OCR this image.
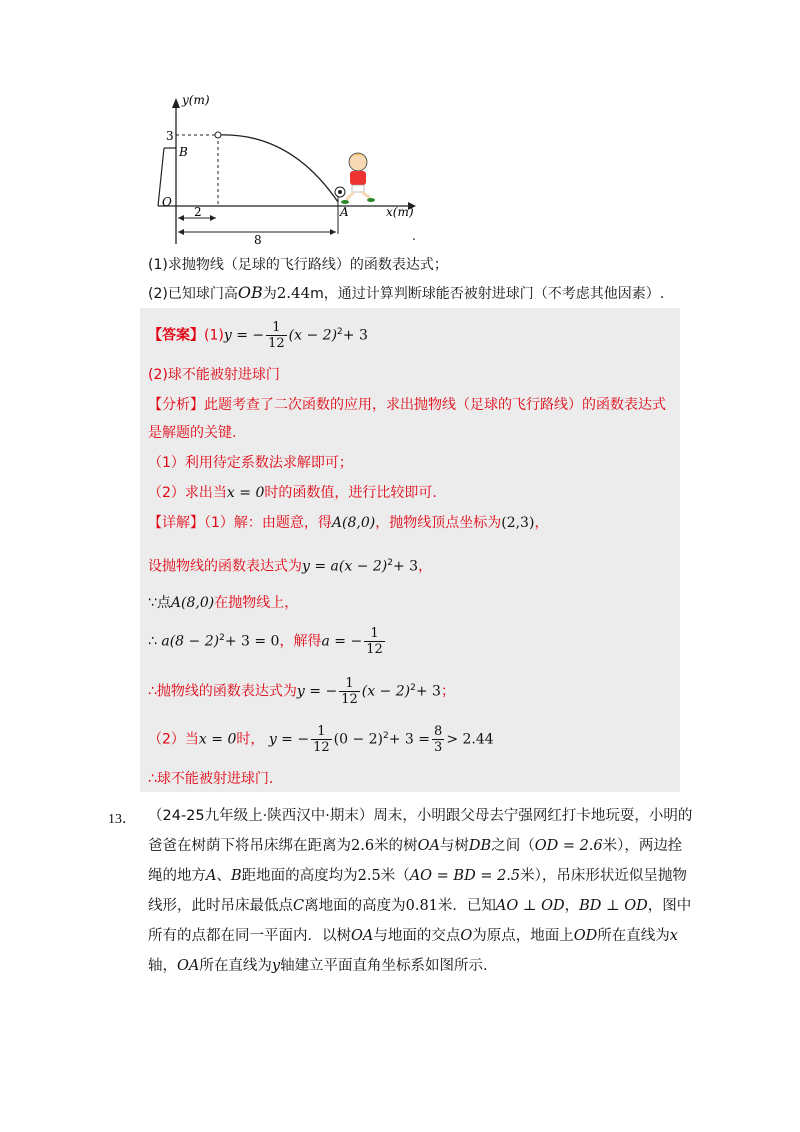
y(m)
x(m)
3
B
O
A
2
8	.
(1)求抛物线（足球的飞行路线）的函数表达式；
(2)已知球门高OB为2.44m，通过计算判断球能否被射进球门（不考虑其他因素）.
【答案】(1)y = − $\frac{1}{12} (x - 2)^2+ 3$
(2)球不能被射进球门
【分析】此题考查了二次函数的应用，求出抛物线（足球的飞行路线）的函数表达式
是解题的关键.
（1）利用待定系数法求解即可；
（2）求出当x = 0时的函数值，进行比较即可.
【详解】（1）解：由题意，得A(8,0)，抛物线顶点坐标为(2,3)，
设抛物线的函数表达式为$y = a(x - 2)^2+ 3$，
∵点A(8,0)在抛物线上，
∴ $a(8 - 2)^2+ 3 = 0$，解得a = − $\frac{1}{12}$
∴抛物线的函数表达式为y = − $\frac{1}{12} (x - 2)^2+ 3$；
（2）当x = 0时， y = − $\frac{1}{12} (0 - 2)^2+ 3 = \frac{8}{3} > 2.44$
∴球不能被射进球门.
13． （24-25九年级上·陕西汉中·期末）周末，小明跟父母去宁强网红打卡地玩耍，小明的
爸爸在树荫下将吊床绑在距离为2.6米的树OA与树DB之间（OD = 2.6米），两边拴
绳的地方A、B距地面的高度均为2.5米（AO = BD = 2.5米），吊床形状近似呈抛物
线形，此时吊床最低点C离地面的高度为0.81米．已知AO ⊥ OD，BD ⊥ OD，图中
所有的点都在同一平面内．以树OA与地面的交点O为原点，地面上OD所在直线为x
轴，OA所在直线为y轴建立平面直角坐标系如图所示.
